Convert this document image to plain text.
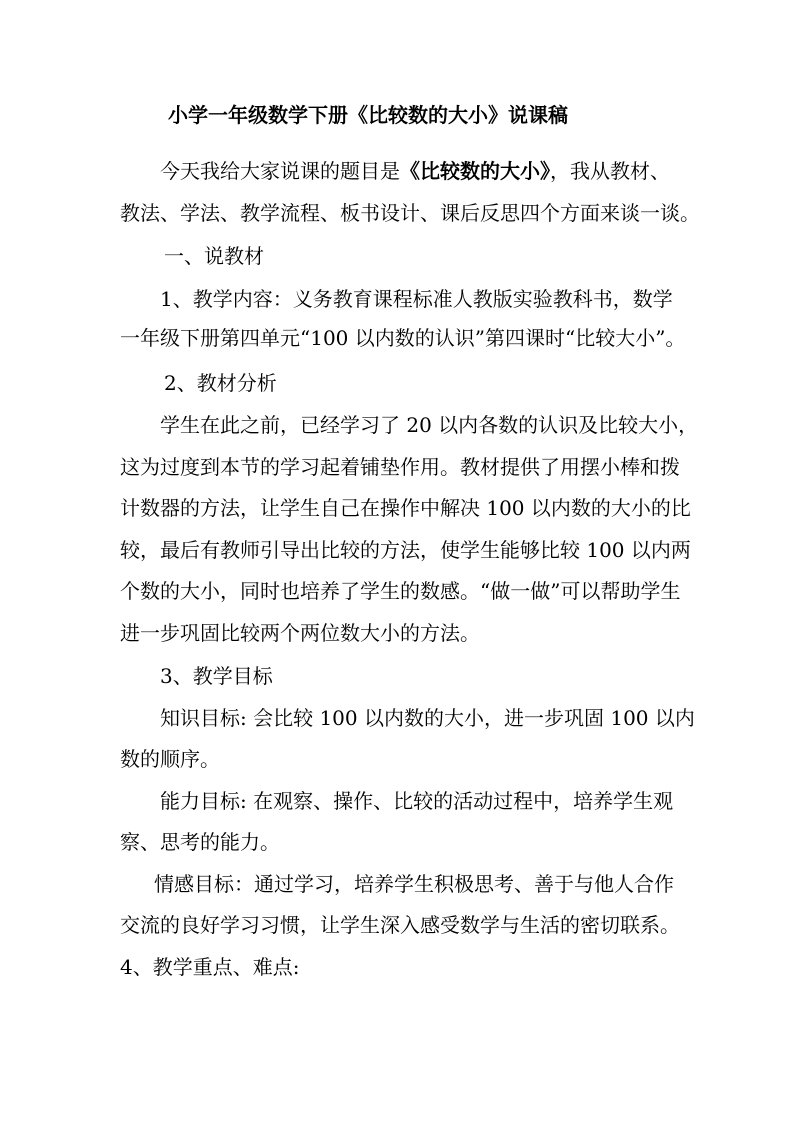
小学一年级数学下册《比较数的大小》说课稿
今天我给大家说课的题目是《比较数的大小》，我从教材、
教法、学法、教学流程、板书设计、课后反思四个方面来谈一谈。
一、说教材
1、教学内容：义务教育课程标准人教版实验教科书，数学
一年级下册第四单元“100 以内数的认识”第四课时“比较大小”。
2、教材分析
学生在此之前，已经学习了 20 以内各数的认识及比较大小，
这为过度到本节的学习起着铺垫作用。教材提供了用摆小棒和拨
计数器的方法，让学生自己在操作中解决 100 以内数的大小的比
较，最后有教师引导出比较的方法，使学生能够比较 100 以内两
个数的大小，同时也培养了学生的数感。“做一做”可以帮助学生
进一步巩固比较两个两位数大小的方法。
3、教学目标
知识目标: 会比较 100 以内数的大小，进一步巩固 100 以内
数的顺序。
能力目标: 在观察、操作、比较的活动过程中，培养学生观
察、思考的能力。
情感目标：通过学习，培养学生积极思考、善于与他人合作
交流的良好学习习惯，让学生深入感受数学与生活的密切联系。
4、教学重点、难点:
